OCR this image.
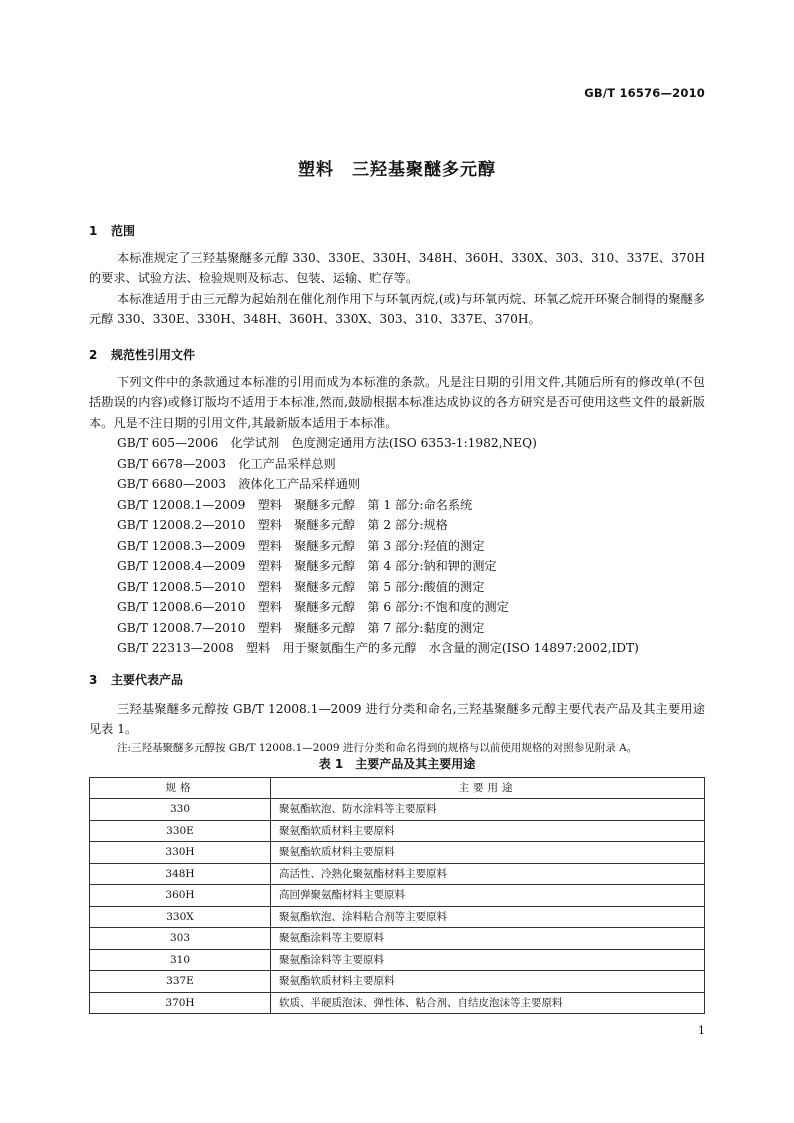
GB/T 16576—2010
塑料　三羟基聚醚多元醇
1 范围
本标准规定了三羟基聚醚多元醇 330、330E、330H、348H、360H、330X、303、310、337E、370H 的要求、试验方法、检验规则及标志、包装、运输、贮存等。
本标准适用于由三元醇为起始剂在催化剂作用下与环氧丙烷,(或)与环氧丙烷、环氧乙烷开环聚合制得的聚醚多元醇 330、330E、330H、348H、360H、330X、303、310、337E、370H。
2 规范性引用文件
下列文件中的条款通过本标准的引用而成为本标准的条款。凡是注日期的引用文件,其随后所有的修改单(不包括勘误的内容)或修订版均不适用于本标准,然而,鼓励根据本标准达成协议的各方研究是否可使用这些文件的最新版本。凡是不注日期的引用文件,其最新版本适用于本标准。
GB/T 605—2006　化学试剂　色度测定通用方法(ISO 6353-1:1982,NEQ)
GB/T 6678—2003　化工产品采样总则
GB/T 6680—2003　液体化工产品采样通则
GB/T 12008.1—2009　塑料　聚醚多元醇　第 1 部分:命名系统
GB/T 12008.2—2010　塑料　聚醚多元醇　第 2 部分:规格
GB/T 12008.3—2009　塑料　聚醚多元醇　第 3 部分:羟值的测定
GB/T 12008.4—2009　塑料　聚醚多元醇　第 4 部分:钠和钾的测定
GB/T 12008.5—2010　塑料　聚醚多元醇　第 5 部分:酸值的测定
GB/T 12008.6—2010　塑料　聚醚多元醇　第 6 部分:不饱和度的测定
GB/T 12008.7—2010　塑料　聚醚多元醇　第 7 部分:黏度的测定
GB/T 22313—2008　塑料　用于聚氨酯生产的多元醇　水含量的测定(ISO 14897:2002,IDT)
3 主要代表产品
三羟基聚醚多元醇按 GB/T 12008.1—2009 进行分类和命名,三羟基聚醚多元醇主要代表产品及其主要用途见表 1。
注:三羟基聚醚多元醇按 GB/T 12008.1—2009 进行分类和命名得到的规格与以前使用规格的对照参见附录 A。
表 1　主要产品及其主要用途
规格	主要用途
330	聚氨酯软泡、防水涂料等主要原料
330E	聚氨酯软质材料主要原料
330H	聚氨酯软质材料主要原料
348H	高活性、冷熟化聚氨酯材料主要原料
360H	高回弹聚氨酯材料主要原料
330X	聚氨酯软泡、涂料粘合剂等主要原料
303	聚氨酯涂料等主要原料
310	聚氨酯涂料等主要原料
337E	聚氨酯软质材料主要原料
370H	软质、半硬质泡沫、弹性体、粘合剂、自结皮泡沫等主要原料
1
